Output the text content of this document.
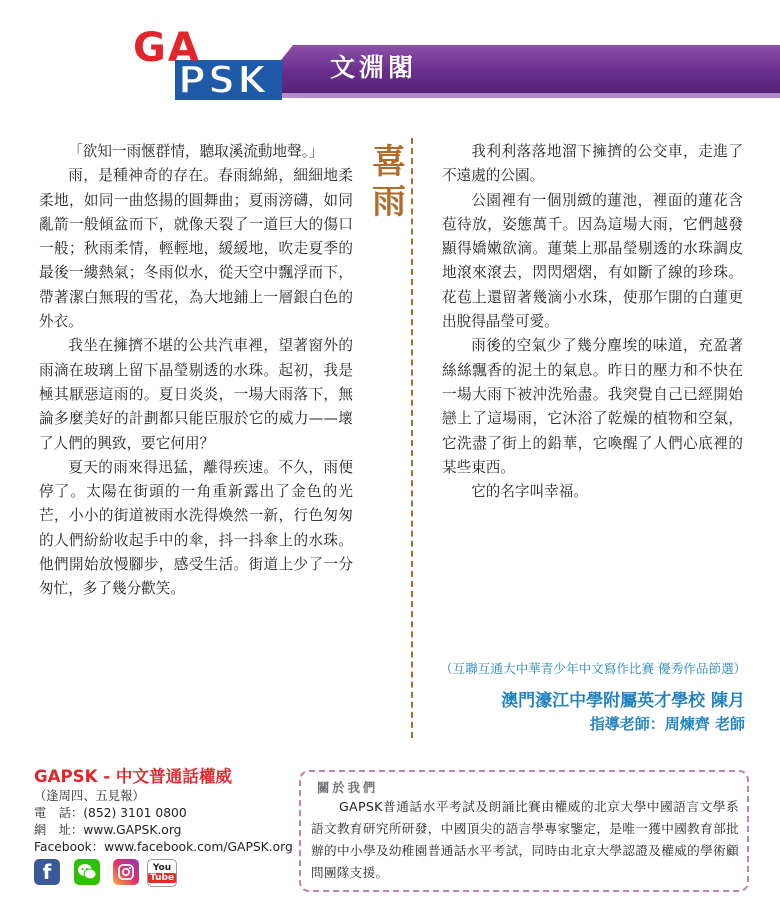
GA
PSK 文淵閣

「欲知一雨愜群情，聽取溪流動地聲。」

雨，是種神奇的存在。春雨綿綿，細細地柔柔地，如同一曲悠揚的圓舞曲；夏雨滂礴，如同亂箭一般傾盆而下，就像天裂了一道巨大的傷口一般；秋雨柔情，輕輕地，緩緩地，吹走夏季的最後一縷熱氣；冬雨似水，從天空中飄浮而下，帶著潔白無瑕的雪花，為大地鋪上一層銀白色的外衣。

我坐在擁擠不堪的公共汽車裡，望著窗外的雨滴在玻璃上留下晶瑩剔透的水珠。起初，我是極其厭惡這雨的。夏日炎炎，一場大雨落下，無論多麼美好的計劃都只能臣服於它的威力——壞了人們的興致，要它何用？

夏天的雨來得迅猛，離得疾速。不久，雨便停了。太陽在街頭的一角重新露出了金色的光芒，小小的街道被雨水洗得煥然一新，行色匆匆的人們紛紛收起手中的傘，抖一抖傘上的水珠。他們開始放慢腳步，感受生活。街道上少了一分匆忙，多了幾分歡笑。

喜
雨

我利利落落地溜下擁擠的公交車，走進了不遠處的公園。

公園裡有一個別緻的蓮池，裡面的蓮花含苞待放，姿態萬千。因為這場大雨，它們越發顯得嬌嫩欲滴。蓮葉上那晶瑩剔透的水珠調皮地滾來滾去，閃閃熠熠，有如斷了線的珍珠。花苞上還留著幾滴小水珠，使那乍開的白蓮更出脫得晶瑩可愛。

雨後的空氣少了幾分塵埃的味道，充盈著絲絲飄香的泥土的氣息。昨日的壓力和不快在一場大雨下被沖洗殆盡。我突覺自己已經開始戀上了這場雨，它沐浴了乾燥的植物和空氣，它洗盡了街上的鉛華，它喚醒了人們心底裡的某些東西。

它的名字叫幸福。

（互聯互通大中華青少年中文寫作比賽 優秀作品節選）
澳門濠江中學附屬英才學校 陳月
指導老師：周煉齊 老師
GAPSK - 中文普通話權威
（逢周四、五見報）
電　話：(852) 3101 0800
網　址：www.GAPSK.org
Facebook：www.facebook.com/GAPSK.org
f	You
Tube
關於我們
GAPSK普通話水平考試及朗誦比賽由權威的北京大學中國語言文學系語文教育研究所研發，中國頂尖的語言學專家鑒定，是唯一獲中國教育部批辦的中小學及幼稚園普通話水平考試，同時由北京大學認證及權威的學術顧問團隊支援。
